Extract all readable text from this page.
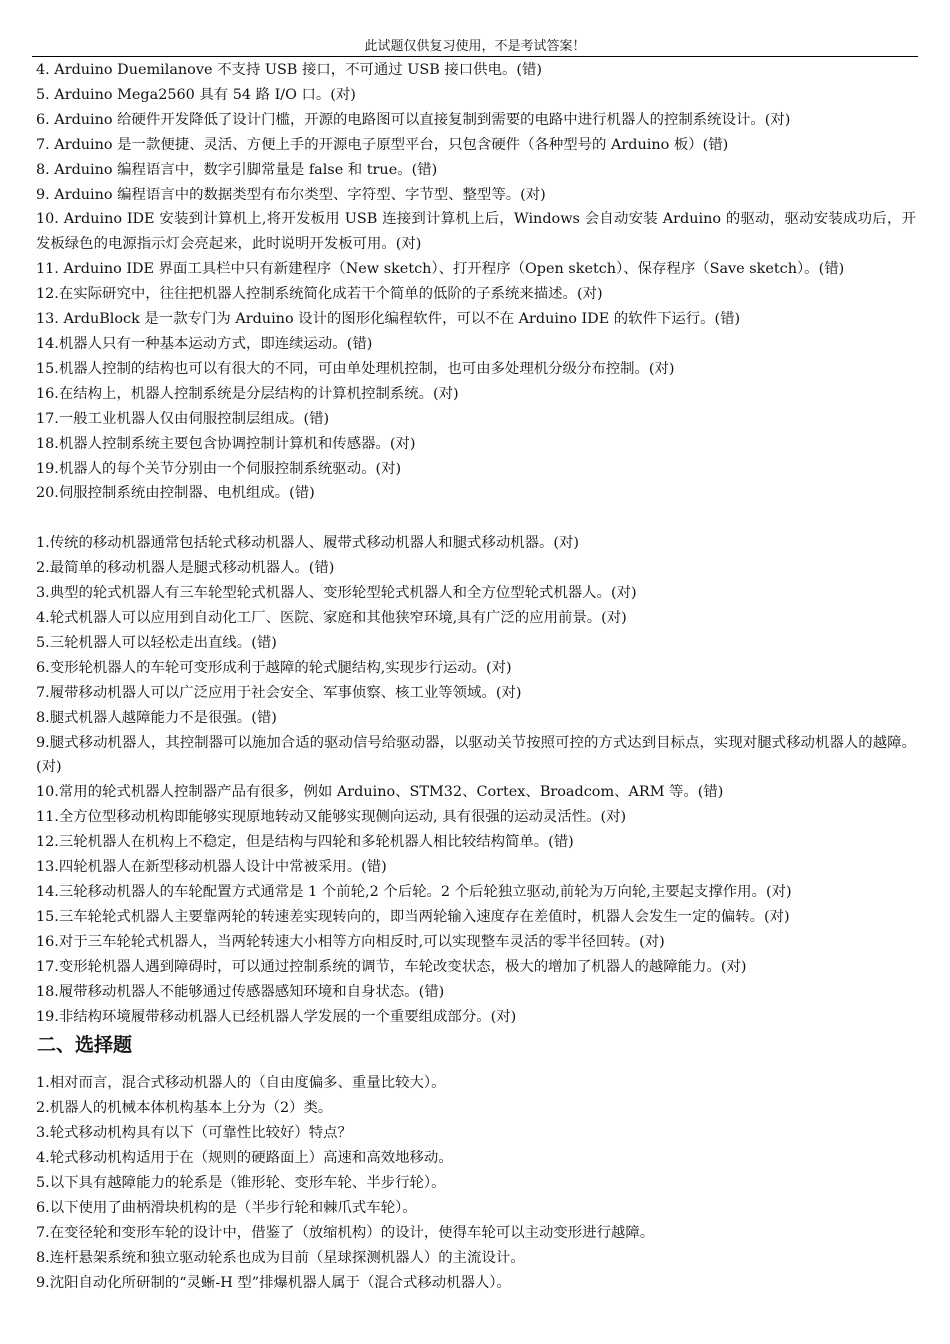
此试题仅供复习使用，不是考试答案！

4. Arduino Duemilanove 不支持 USB 接口，不可通过 USB 接口供电。(错)

5. Arduino Mega2560 具有 54 路 I/O 口。(对)

6. Arduino 给硬件开发降低了设计门槛，开源的电路图可以直接复制到需要的电路中进行机器人的控制系统设计。(对)

7. Arduino 是一款便捷、灵活、方便上手的开源电子原型平台，只包含硬件（各种型号的 Arduino 板）(错)

8. Arduino 编程语言中，数字引脚常量是 false 和 true。(错)

9. Arduino 编程语言中的数据类型有布尔类型、字符型、字节型、整型等。(对)

10. Arduino IDE 安装到计算机上,将开发板用 USB 连接到计算机上后，Windows 会自动安装 Arduino 的驱动，驱动安装成功后，开发板绿色的电源指示灯会亮起来，此时说明开发板可用。(对)

11. Arduino IDE 界面工具栏中只有新建程序（New sketch）、打开程序（Open sketch）、保存程序（Save sketch）。(错)

12.在实际研究中，往往把机器人控制系统简化成若干个简单的低阶的子系统来描述。(对)

13. ArduBlock 是一款专门为 Arduino 设计的图形化编程软件，可以不在 Arduino IDE 的软件下运行。(错)

14.机器人只有一种基本运动方式，即连续运动。(错)

15.机器人控制的结构也可以有很大的不同，可由单处理机控制，也可由多处理机分级分布控制。(对)

16.在结构上，机器人控制系统是分层结构的计算机控制系统。(对)

17.一般工业机器人仅由伺服控制层组成。(错)

18.机器人控制系统主要包含协调控制计算机和传感器。(对)

19.机器人的每个关节分别由一个伺服控制系统驱动。(对)

20.伺服控制系统由控制器、电机组成。(错)

1.传统的移动机器通常包括轮式移动机器人、履带式移动机器人和腿式移动机器。(对)

2.最简单的移动机器人是腿式移动机器人。(错)

3.典型的轮式机器人有三车轮型轮式机器人、变形轮型轮式机器人和全方位型轮式机器人。(对)

4.轮式机器人可以应用到自动化工厂、医院、家庭和其他狭窄环境,具有广泛的应用前景。(对)

5.三轮机器人可以轻松走出直线。(错)

6.变形轮机器人的车轮可变形成利于越障的轮式腿结构,实现步行运动。(对)

7.履带移动机器人可以广泛应用于社会安全、军事侦察、核工业等领域。(对)

8.腿式机器人越障能力不是很强。(错)

9.腿式移动机器人，其控制器可以施加合适的驱动信号给驱动器，以驱动关节按照可控的方式达到目标点，实现对腿式移动机器人的越障。(对)

10.常用的轮式机器人控制器产品有很多，例如 Arduino、STM32、Cortex、Broadcom、ARM 等。(错)

11.全方位型移动机构即能够实现原地转动又能够实现侧向运动, 具有很强的运动灵活性。(对)

12.三轮机器人在机构上不稳定，但是结构与四轮和多轮机器人相比较结构简单。(错)

13.四轮机器人在新型移动机器人设计中常被采用。(错)

14.三轮移动机器人的车轮配置方式通常是 1 个前轮,2 个后轮。2 个后轮独立驱动,前轮为万向轮,主要起支撑作用。(对)

15.三车轮轮式机器人主要靠两轮的转速差实现转向的，即当两轮输入速度存在差值时，机器人会发生一定的偏转。(对)

16.对于三车轮轮式机器人，当两轮转速大小相等方向相反时,可以实现整车灵活的零半径回转。(对)

17.变形轮机器人遇到障碍时，可以通过控制系统的调节，车轮改变状态，极大的增加了机器人的越障能力。(对)

18.履带移动机器人不能够通过传感器感知环境和自身状态。(错)

19.非结构环境履带移动机器人已经机器人学发展的一个重要组成部分。(对)

二、选择题

1.相对而言，混合式移动机器人的（自由度偏多、重量比较大）。

2.机器人的机械本体机构基本上分为（2）类。

3.轮式移动机构具有以下（可靠性比较好）特点？

4.轮式移动机构适用于在（规则的硬路面上）高速和高效地移动。

5.以下具有越障能力的轮系是（锥形轮、变形车轮、半步行轮）。

6.以下使用了曲柄滑块机构的是（半步行轮和棘爪式车轮）。

7.在变径轮和变形车轮的设计中，借鉴了（放缩机构）的设计，使得车轮可以主动变形进行越障。

8.连杆悬架系统和独立驱动轮系也成为目前（星球探测机器人）的主流设计。

9.沈阳自动化所研制的“灵蜥-H 型”排爆机器人属于（混合式移动机器人）。
